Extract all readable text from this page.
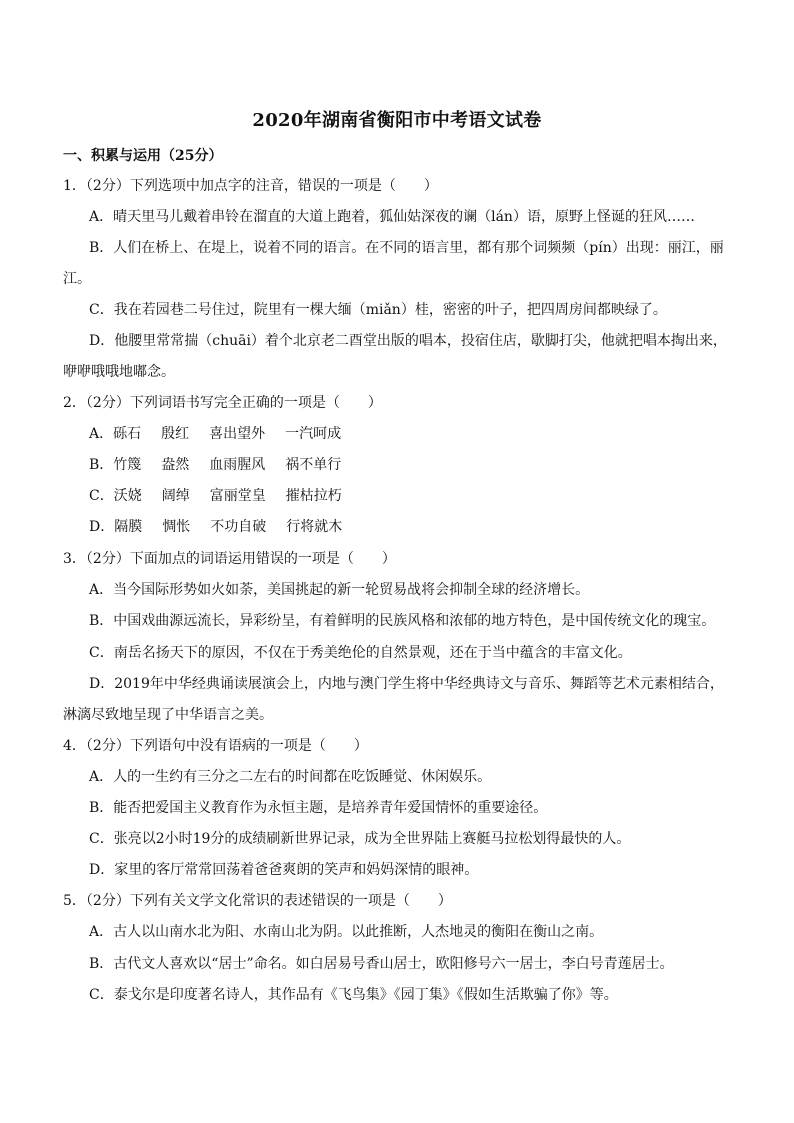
2020年湖南省衡阳市中考语文试卷
一、积累与运用（25分）
1．（2分）下列选项中加点字的注音，错误的一项是（　　）
A．晴天里马儿戴着串铃在溜直的大道上跑着，狐仙姑深夜的谰（lán）语，原野上怪诞的狂风……
B．人们在桥上、在堤上，说着不同的语言。在不同的语言里，都有那个词频频（pín）出现：丽江，丽
江。
C．我在若园巷二号住过，院里有一棵大缅（miǎn）桂，密密的叶子，把四周房间都映绿了。
D．他腰里常常揣（chuāi）着个北京老二酉堂出版的唱本，投宿住店，歇脚打尖，他就把唱本掏出来，
咿咿哦哦地嘟念。
2．（2分）下列词语书写完全正确的一项是（　　）
A．砾石 殷红 喜出望外 一汽呵成
B．竹篾 盎然 血雨腥风 祸不单行
C．沃娆 阔绰 富丽堂皇 摧枯拉朽
D．隔膜 惆怅 不功自破 行将就木
3．（2分）下面加点的词语运用错误的一项是（　　）
A．当今国际形势如火如荼，美国挑起的新一轮贸易战将会抑制全球的经济增长。
B．中国戏曲源远流长，异彩纷呈，有着鲜明的民族风格和浓郁的地方特色，是中国传统文化的瑰宝。
C．南岳名扬天下的原因，不仅在于秀美绝伦的自然景观，还在于当中蕴含的丰富文化。
D．2019年中华经典诵读展演会上，内地与澳门学生将中华经典诗文与音乐、舞蹈等艺术元素相结合，
淋漓尽致地呈现了中华语言之美。
4．（2分）下列语句中没有语病的一项是（　　）
A．人的一生约有三分之二左右的时间都在吃饭睡觉、休闲娱乐。
B．能否把爱国主义教育作为永恒主题，是培养青年爱国情怀的重要途径。
C．张亮以2小时19分的成绩刷新世界记录，成为全世界陆上赛艇马拉松划得最快的人。
D．家里的客厅常常回荡着爸爸爽朗的笑声和妈妈深情的眼神。
5．（2分）下列有关文学文化常识的表述错误的一项是（　　）
A．古人以山南水北为阳、水南山北为阴。以此推断，人杰地灵的衡阳在衡山之南。
B．古代文人喜欢以“居士”命名。如白居易号香山居士，欧阳修号六一居士，李白号青莲居士。
C．泰戈尔是印度著名诗人，其作品有《飞鸟集》《园丁集》《假如生活欺骗了你》等。
